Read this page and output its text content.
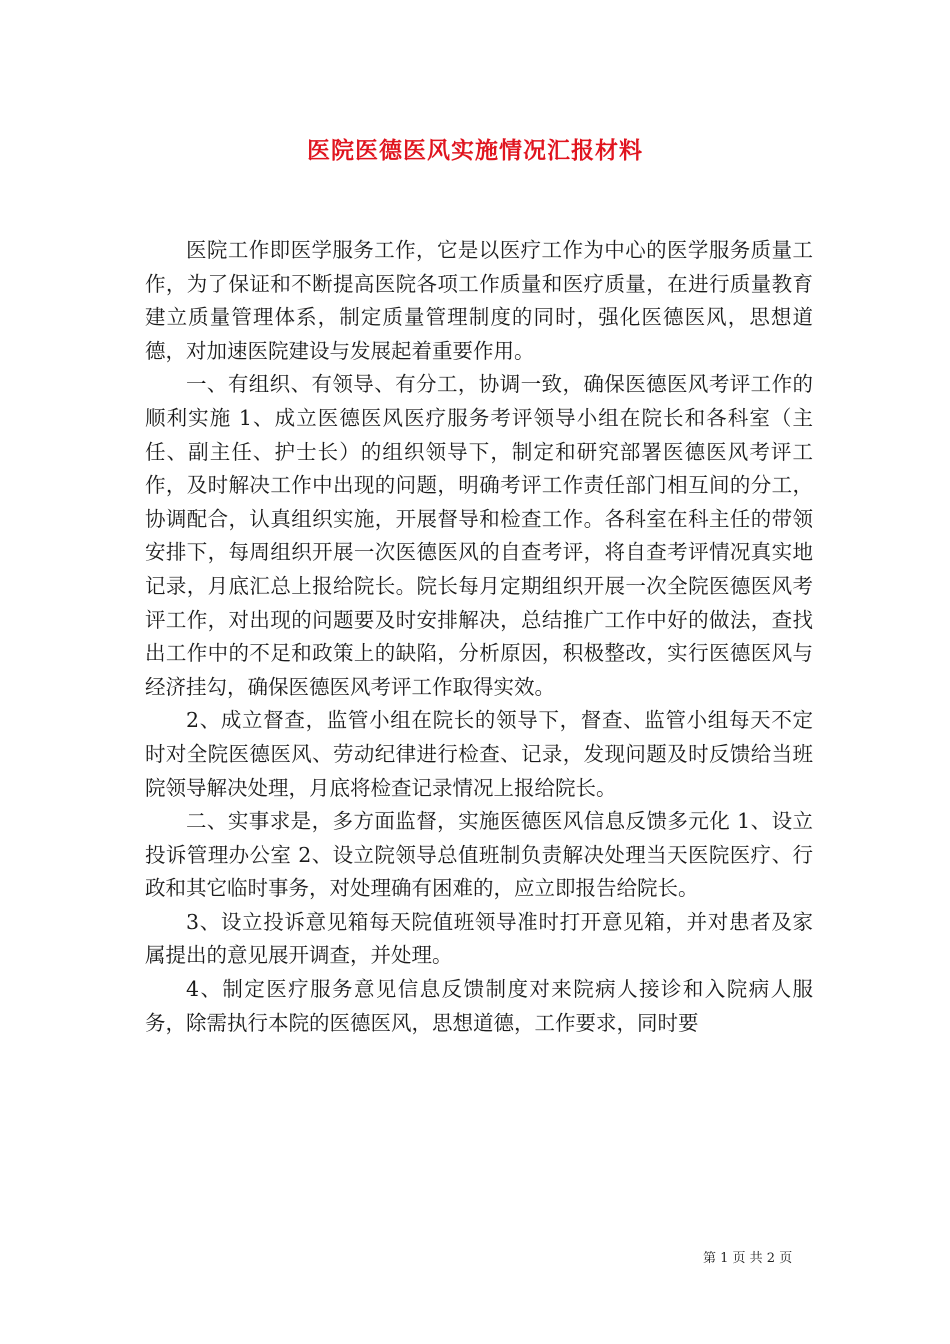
医院医德医风实施情况汇报材料

医院工作即医学服务工作，它是以医疗工作为中心的医学服务质量工作，为了保证和不断提高医院各项工作质量和医疗质量，在进行质量教育建立质量管理体系，制定质量管理制度的同时，强化医德医风，思想道德，对加速医院建设与发展起着重要作用。

一、有组织、有领导、有分工，协调一致，确保医德医风考评工作的顺利实施 1、成立医德医风医疗服务考评领导小组在院长和各科室（主任、副主任、护士长）的组织领导下，制定和研究部署医德医风考评工作，及时解决工作中出现的问题，明确考评工作责任部门相互间的分工，协调配合，认真组织实施，开展督导和检查工作。各科室在科主任的带领安排下，每周组织开展一次医德医风的自查考评，将自查考评情况真实地记录，月底汇总上报给院长。院长每月定期组织开展一次全院医德医风考评工作，对出现的问题要及时安排解决，总结推广工作中好的做法，查找出工作中的不足和政策上的缺陷，分析原因，积极整改，实行医德医风与经济挂勾，确保医德医风考评工作取得实效。

2、成立督查，监管小组在院长的领导下，督查、监管小组每天不定时对全院医德医风、劳动纪律进行检查、记录，发现问题及时反馈给当班院领导解决处理，月底将检查记录情况上报给院长。

二、实事求是，多方面监督，实施医德医风信息反馈多元化 1、设立投诉管理办公室 2、设立院领导总值班制负责解决处理当天医院医疗、行政和其它临时事务，对处理确有困难的，应立即报告给院长。

3、设立投诉意见箱每天院值班领导准时打开意见箱，并对患者及家属提出的意见展开调查，并处理。

4、制定医疗服务意见信息反馈制度对来院病人接诊和入院病人服务，除需执行本院的医德医风，思想道德，工作要求，同时要

第 1 页 共 2 页
